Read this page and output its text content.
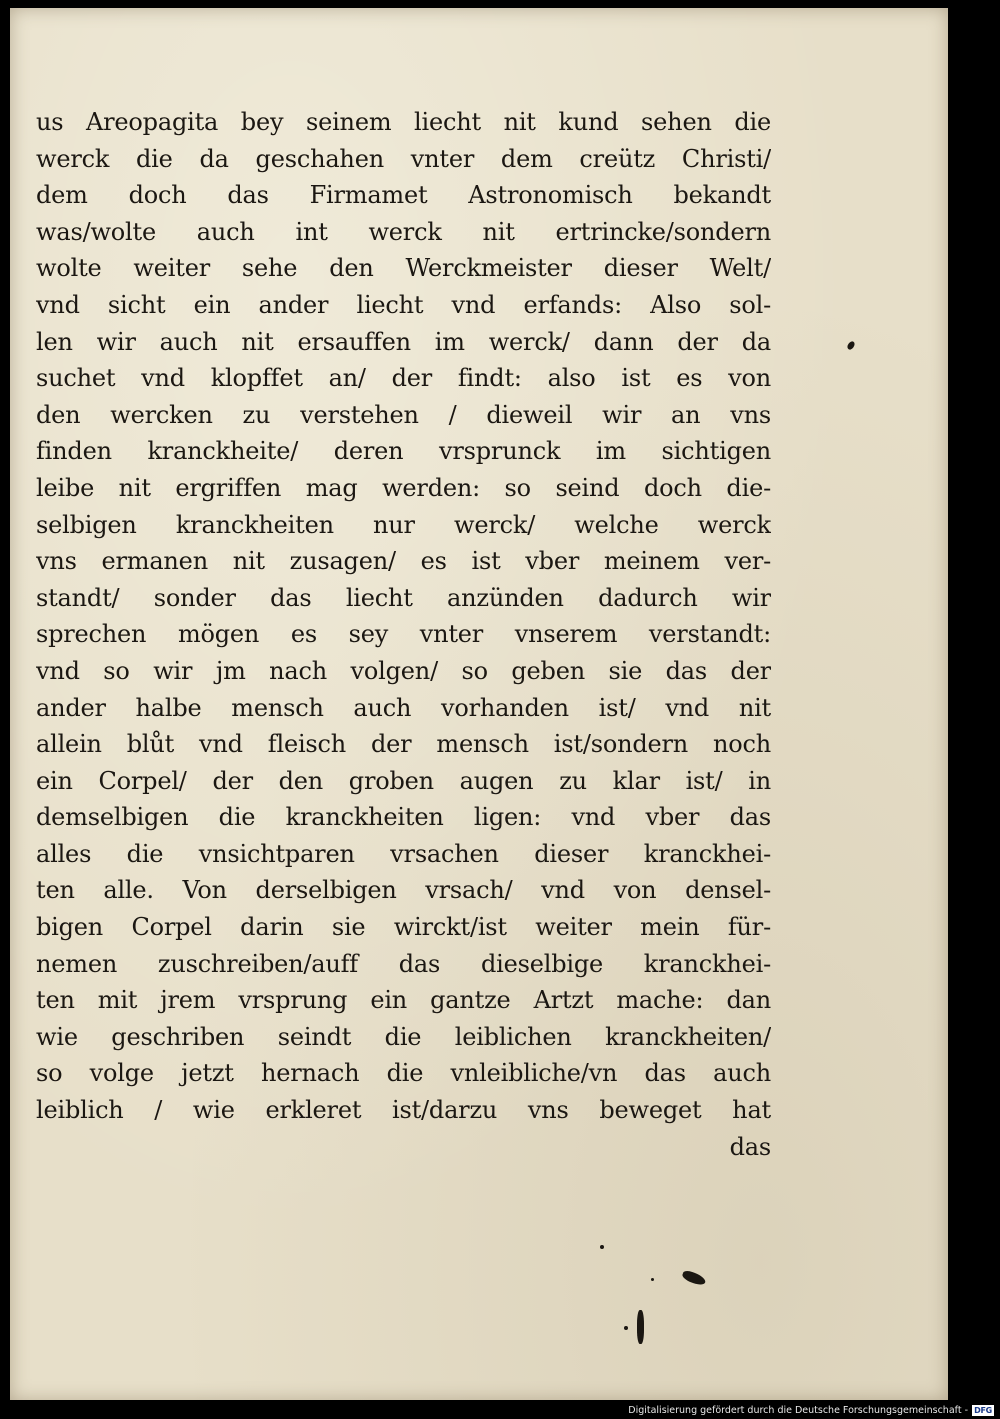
us Areopagita bey seinem liecht nit kund sehen die
werck die da geschahen vnter dem creütz Christi/
dem doch das Firmamet Astronomisch bekandt
was/wolte auch int werck nit ertrincke/sondern
wolte weiter sehe den Werckmeister dieser Welt/
vnd sicht ein ander liecht vnd erfands: Also sol-
len wir auch nit ersauffen im werck/ dann der da
suchet vnd klopffet an/ der findt: also ist es von
den wercken zu verstehen / dieweil wir an vns
finden kranckheite/ deren vrsprunck im sichtigen
leibe nit ergriffen mag werden: so seind doch die-
selbigen kranckheiten nur werck/ welche werck
vns ermanen nit zusagen/ es ist vber meinem ver-
standt/ sonder das liecht anzünden dadurch wir
sprechen mögen es sey vnter vnserem verstandt:
vnd so wir jm nach volgen/ so geben sie das der
ander halbe mensch auch vorhanden ist/ vnd nit
allein blůt vnd fleisch der mensch ist/sondern noch
ein Corpel/ der den groben augen zu klar ist/ in
demselbigen die kranckheiten ligen: vnd vber das
alles die vnsichtparen vrsachen dieser kranckhei-
ten alle. Von derselbigen vrsach/ vnd von densel-
bigen Corpel darin sie wirckt/ist weiter mein für-
nemen zuschreiben/auff das dieselbige kranckhei-
ten mit jrem vrsprung ein gantze Artzt mache: dan
wie geschriben seindt die leiblichen kranckheiten/
so volge jetzt hernach die vnleibliche/vn das auch
leiblich / wie erkleret ist/darzu vns beweget hat
das
Digitalisierung gefördert durch die Deutsche Forschungsgemeinschaft - DFG
